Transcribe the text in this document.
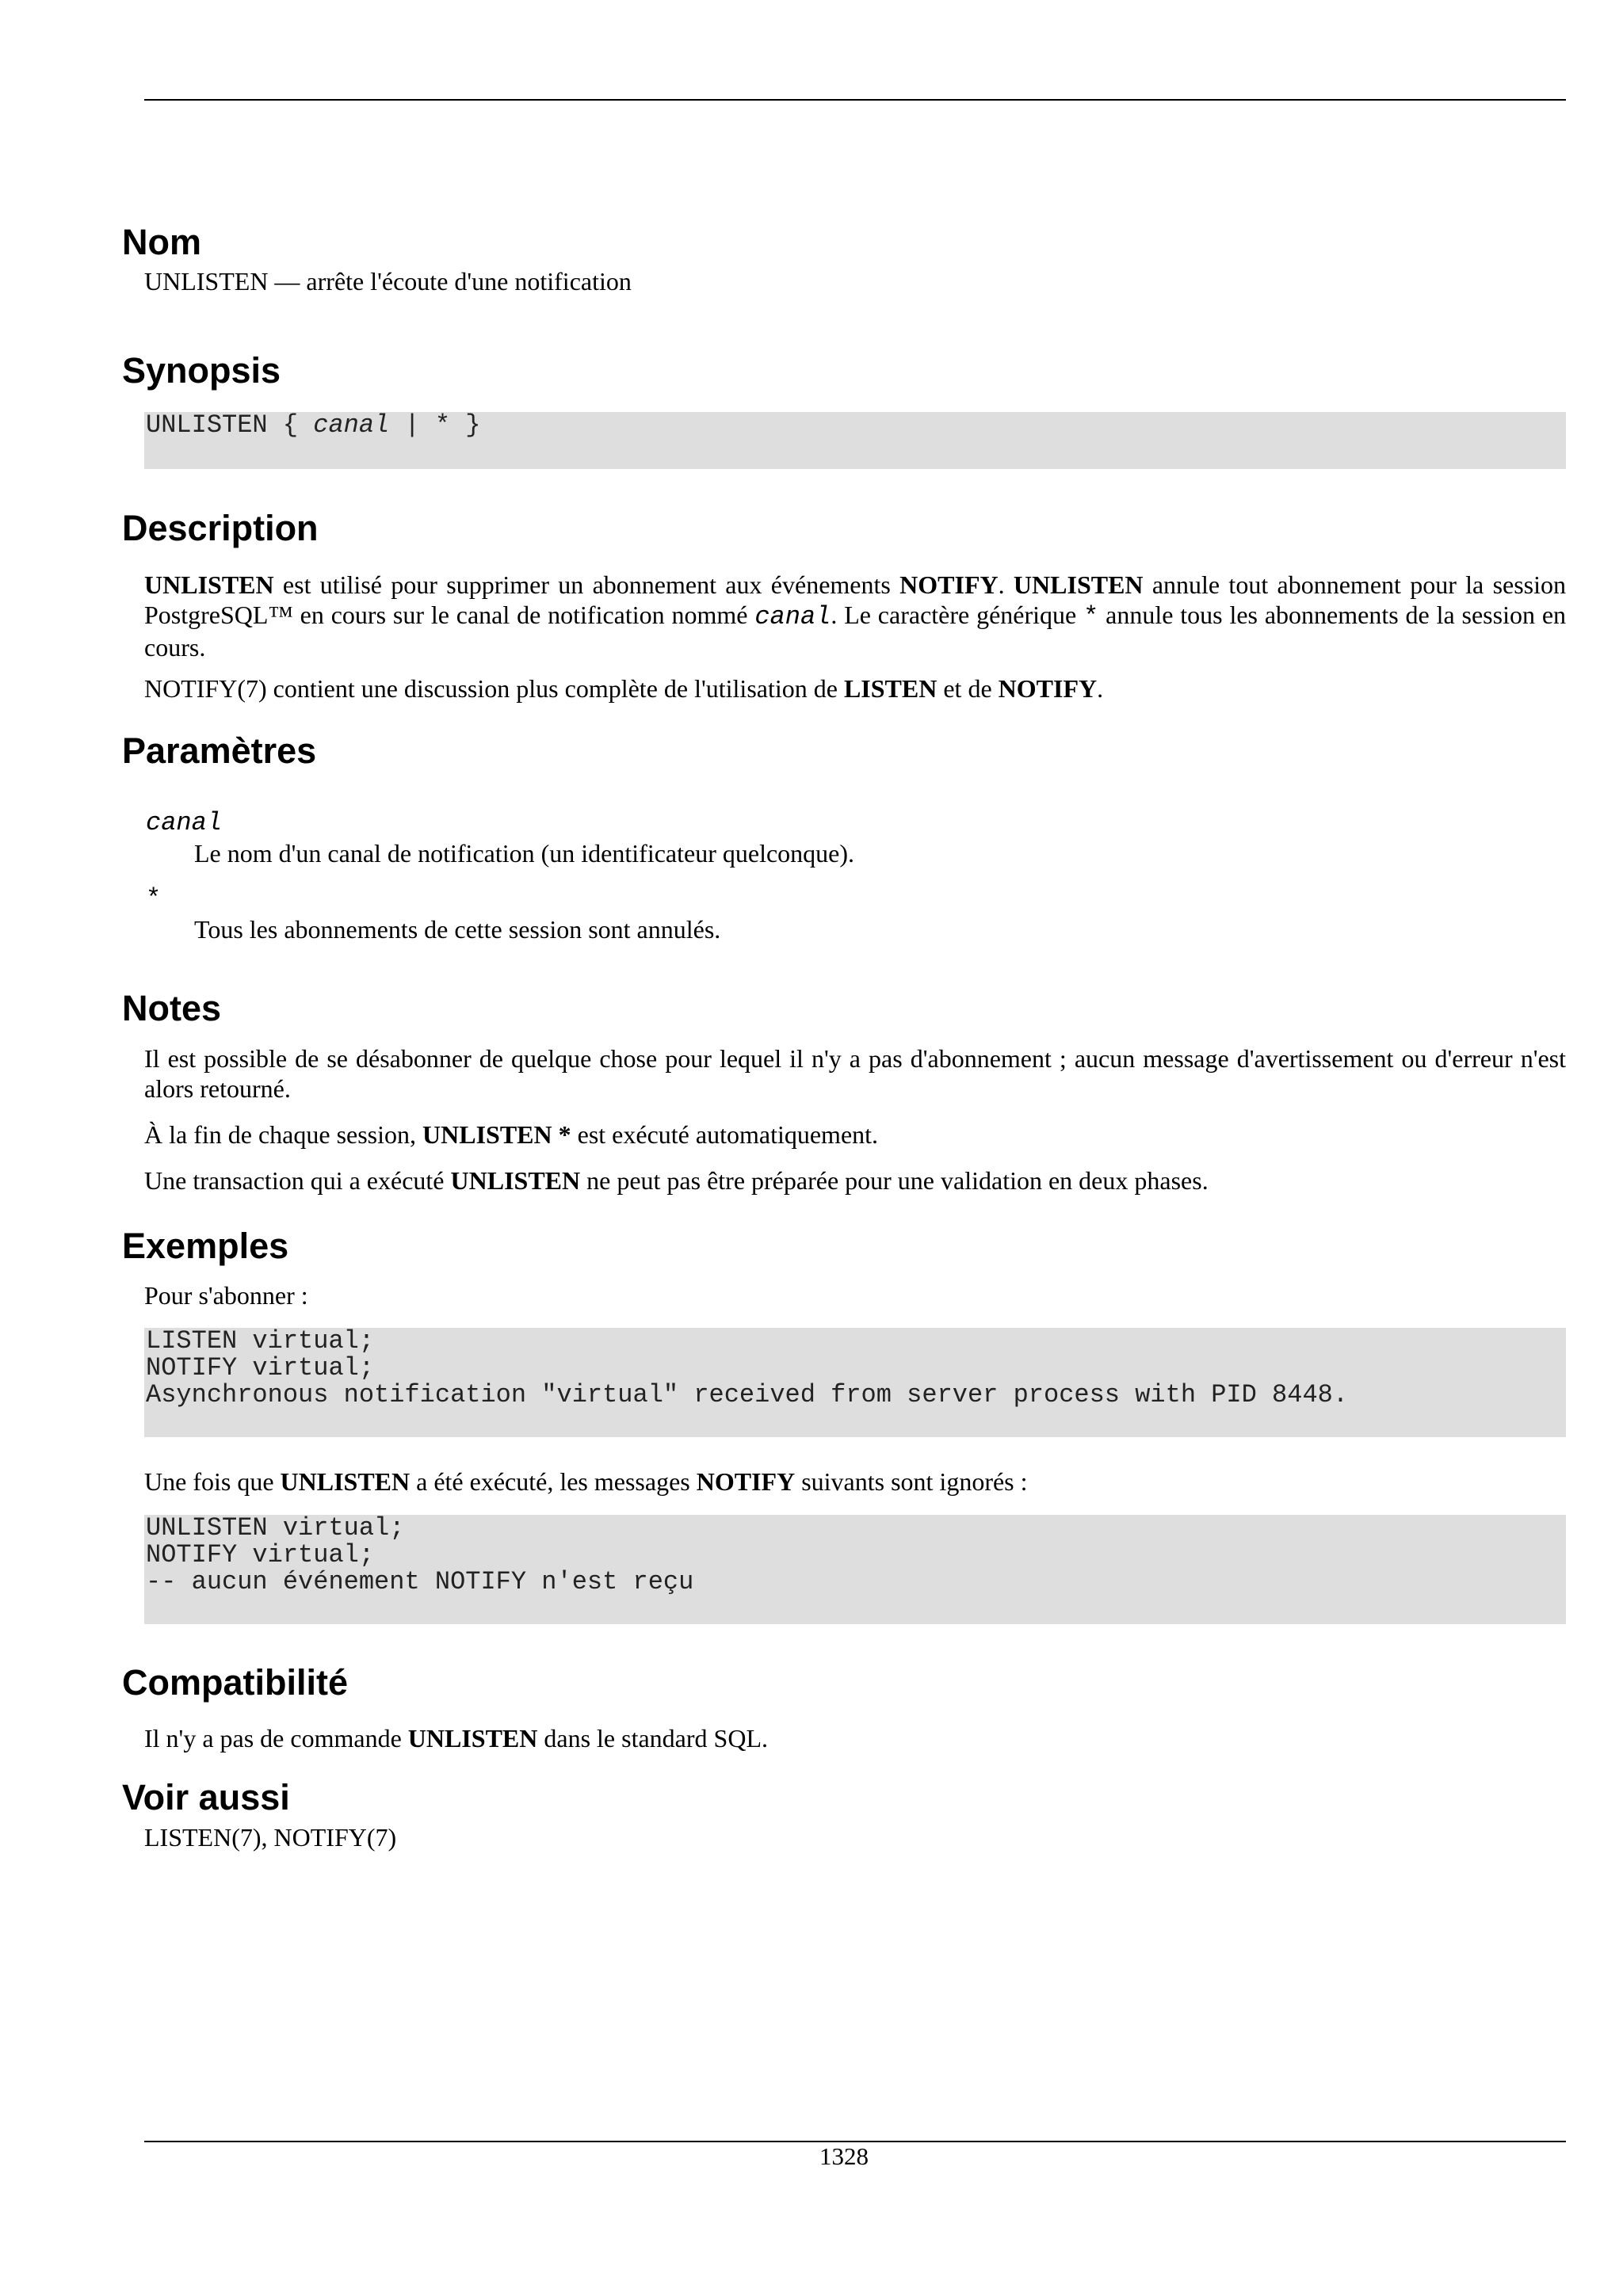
Nom
UNLISTEN — arrête l'écoute d'une notification
Synopsis
UNLISTEN { canal | * }
Description
UNLISTEN est utilisé pour supprimer un abonnement aux événements NOTIFY. UNLISTEN annule tout abonnement pour la session PostgreSQL™ en cours sur le canal de notification nommé canal. Le caractère générique * annule tous les abonnements de la session en cours.
NOTIFY(7) contient une discussion plus complète de l'utilisation de LISTEN et de NOTIFY.
Paramètres
canal
Le nom d'un canal de notification (un identificateur quelconque).
*
Tous les abonnements de cette session sont annulés.
Notes
Il est possible de se désabonner de quelque chose pour lequel il n'y a pas d'abonnement ; aucun message d'avertissement ou d'erreur n'est alors retourné.
À la fin de chaque session, UNLISTEN * est exécuté automatiquement.
Une transaction qui a exécuté UNLISTEN ne peut pas être préparée pour une validation en deux phases.
Exemples
Pour s'abonner :
LISTEN virtual;
NOTIFY virtual;
Asynchronous notification "virtual" received from server process with PID 8448.
Une fois que UNLISTEN a été exécuté, les messages NOTIFY suivants sont ignorés :
UNLISTEN virtual;
NOTIFY virtual;
-- aucun événement NOTIFY n'est reçu
Compatibilité
Il n'y a pas de commande UNLISTEN dans le standard SQL.
Voir aussi
LISTEN(7), NOTIFY(7)
1328
